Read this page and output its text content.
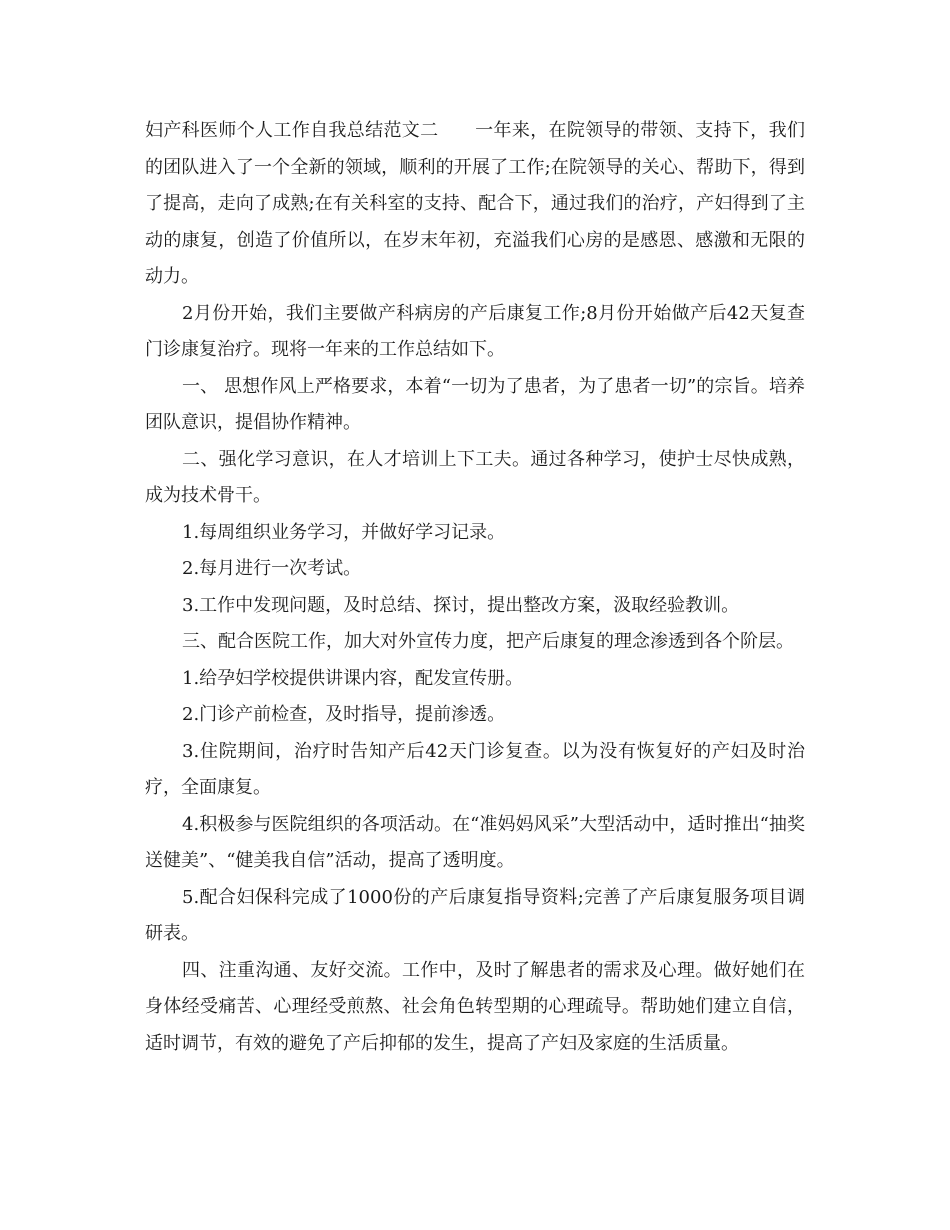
妇产科医师个人工作自我总结范文二　　一年来，在院领导的带领、支持下，我们的团队进入了一个全新的领域，顺利的开展了工作;在院领导的关心、帮助下，得到了提高，走向了成熟;在有关科室的支持、配合下，通过我们的治疗，产妇得到了主动的康复，创造了价值所以，在岁末年初，充溢我们心房的是感恩、感激和无限的动力。

2月份开始，我们主要做产科病房的产后康复工作;8月份开始做产后42天复查门诊康复治疗。现将一年来的工作总结如下。

一、 思想作风上严格要求，本着“一切为了患者，为了患者一切”的宗旨。培养团队意识，提倡协作精神。

二、强化学习意识，在人才培训上下工夫。通过各种学习，使护士尽快成熟，成为技术骨干。

1.每周组织业务学习，并做好学习记录。

2.每月进行一次考试。

3.工作中发现问题，及时总结、探讨，提出整改方案，汲取经验教训。

三、配合医院工作，加大对外宣传力度，把产后康复的理念渗透到各个阶层。

1.给孕妇学校提供讲课内容，配发宣传册。

2.门诊产前检查，及时指导，提前渗透。

3.住院期间，治疗时告知产后42天门诊复查。以为没有恢复好的产妇及时治疗，全面康复。

4.积极参与医院组织的各项活动。在“准妈妈风采”大型活动中，适时推出“抽奖送健美”、“健美我自信”活动，提高了透明度。

5.配合妇保科完成了1000份的产后康复指导资料;完善了产后康复服务项目调研表。

四、注重沟通、友好交流。工作中，及时了解患者的需求及心理。做好她们在身体经受痛苦、心理经受煎熬、社会角色转型期的心理疏导。帮助她们建立自信，适时调节，有效的避免了产后抑郁的发生，提高了产妇及家庭的生活质量。
